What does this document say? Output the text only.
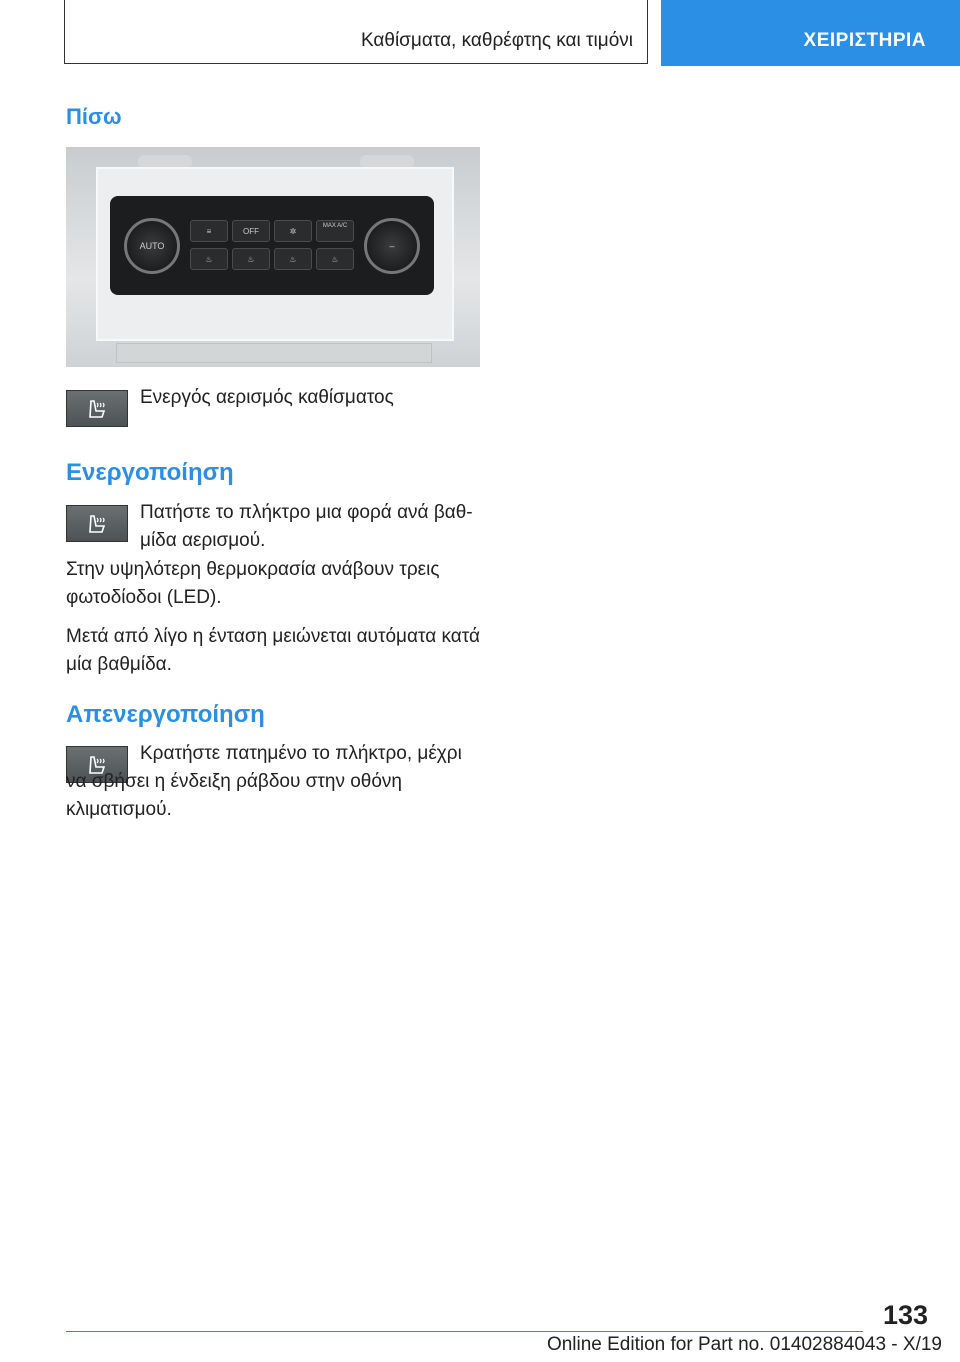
Καθίσματα, καθρέφτης και τιμόνι	ΧΕΙΡΙΣΤΗΡΙΑ
Πίσω
AUTO
≡	OFF	✲
MAX A/C
♨	♨	♨	♨
–
Ενεργός αερισμός καθίσματος
Ενεργοποίηση
Πατήστε το πλήκτρο μια φορά ανά βαθ-μίδα αερισμού.
Στην υψηλότερη θερμοκρασία ανάβουν τρεις φωτοδίοδοι (LED).
Μετά από λίγο η ένταση μειώνεται αυτόματα κατά μία βαθμίδα.
Απενεργοποίηση
Κρατήστε πατημένο το πλήκτρο, μέχρι να σβήσει η ένδειξη ράβδου στην οθόνη κλιματισμού.
133
Online Edition for Part no. 01402884043 - X/19
